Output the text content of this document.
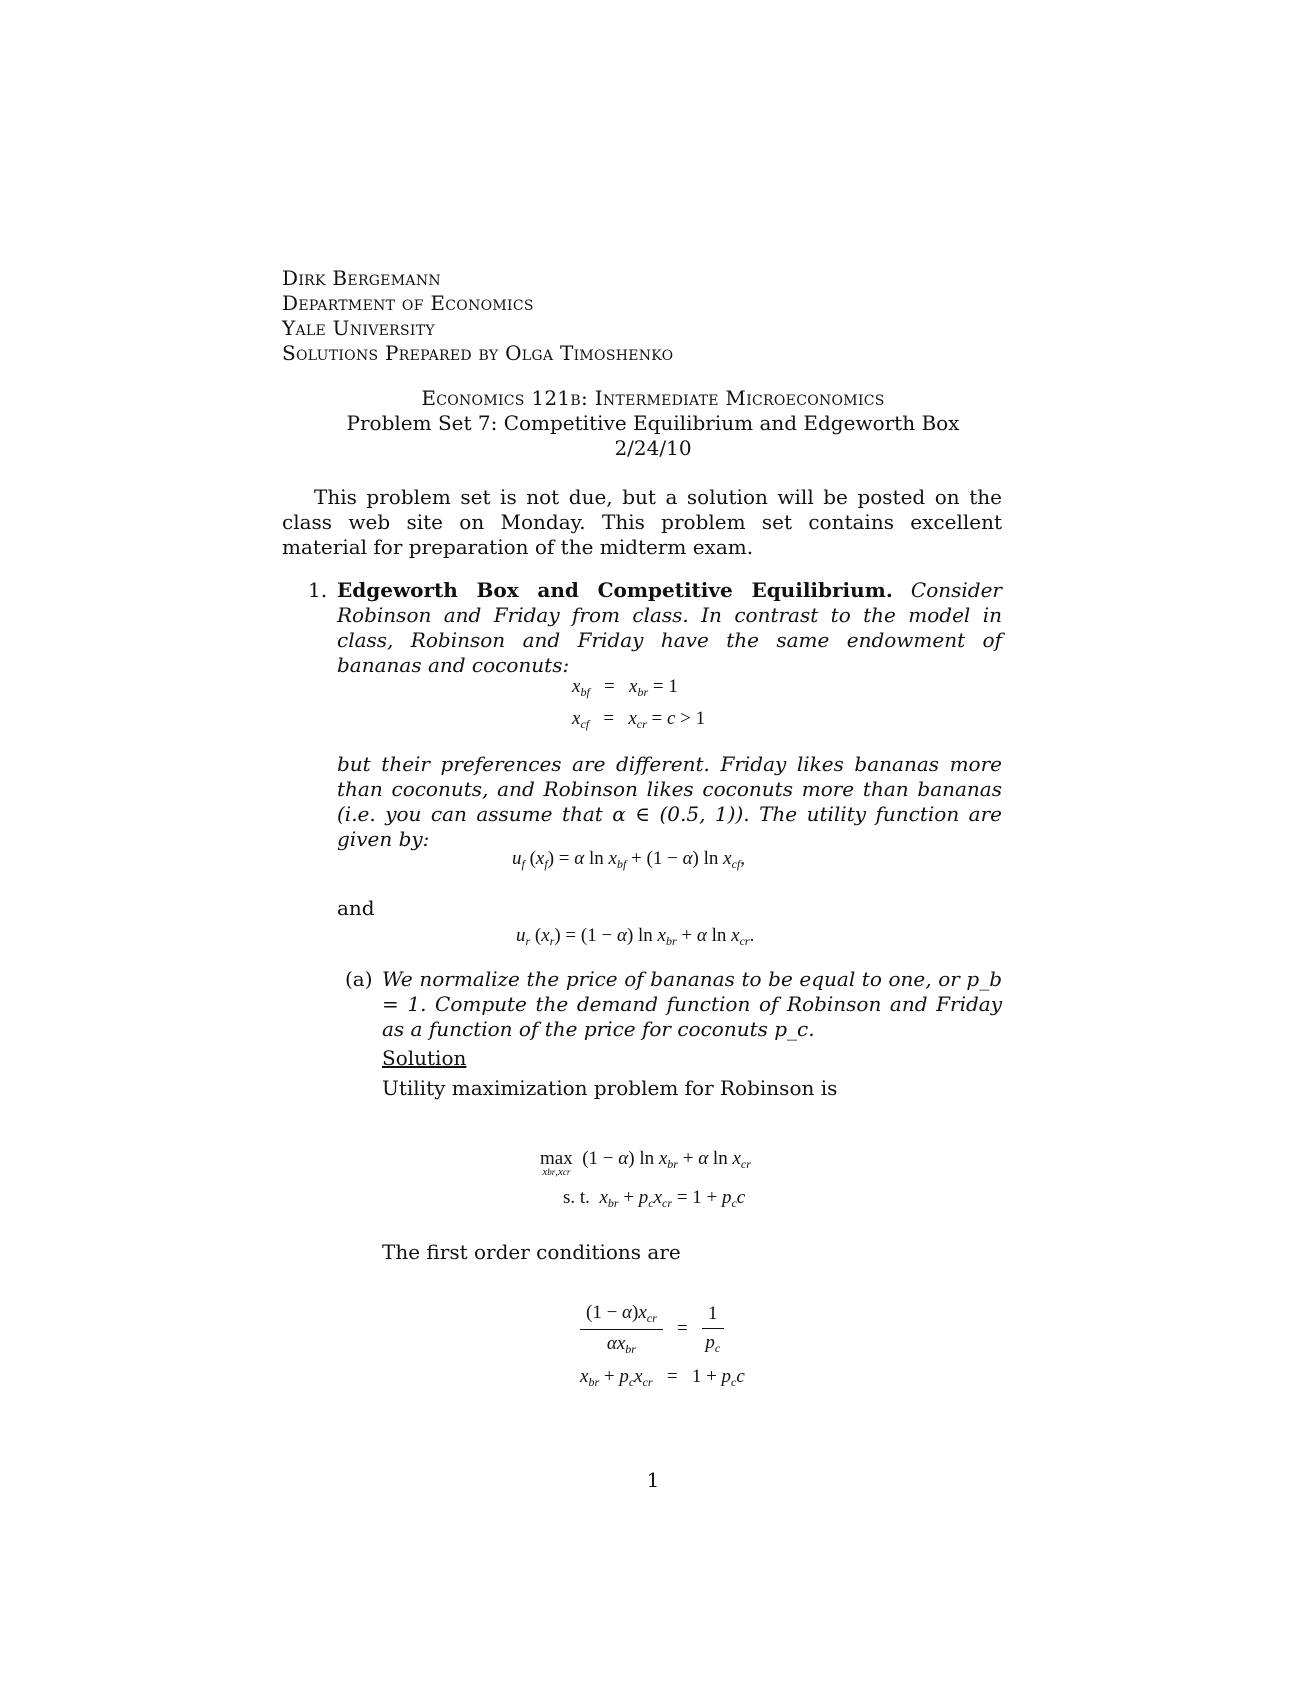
Dirk Bergemann
Department of Economics
Yale University
Solutions Prepared by Olga Timoshenko
Economics 121b: Intermediate Microeconomics
Problem Set 7: Competitive Equilibrium and Edgeworth Box
2/24/10
This problem set is not due, but a solution will be posted on the class web site on Monday. This problem set contains excellent material for preparation of the midterm exam.
1. Edgeworth Box and Competitive Equilibrium. Consider Robinson and Friday from class. In contrast to the model in class, Robinson and Friday have the same endowment of bananas and coconuts:
$x_{bf} = x_{br} = 1$
$x_{cf} = x_{cr} = c > 1$
but their preferences are different. Friday likes bananas more than coconuts, and Robinson likes coconuts more than bananas (i.e. you can assume that α ∈ (0.5, 1)). The utility function are given by:
$u_f$ $(x_f) = \alpha$ $\ln x_{bf} + (1 - \alpha)$ $\ln x_{cf}$,
and
$u_r$ $(x_r) = (1 - \alpha)$ $\ln x_{br} + \alpha$ $\ln x_{cr}$.
(a) We normalize the price of bananas to be equal to one, or p_b = 1. Compute the demand function of Robinson and Friday as a function of the price for coconuts p_c.
Solution
Utility maximization problem for Robinson is
max
xbr,xcr
(1 − α) $\ln x_{br} + \alpha$ $\ln x_{cr}$
s. t.  $x_{br} + p_cx_{cr} = 1 + p_cc$
The first order conditions are
$\frac{(1 - \alpha)x_{cr}}{\alpha x_{br}} = \frac{1}{p_c}$
$x_{br} + p_cx_{cr} = 1 + p_cc$
1
